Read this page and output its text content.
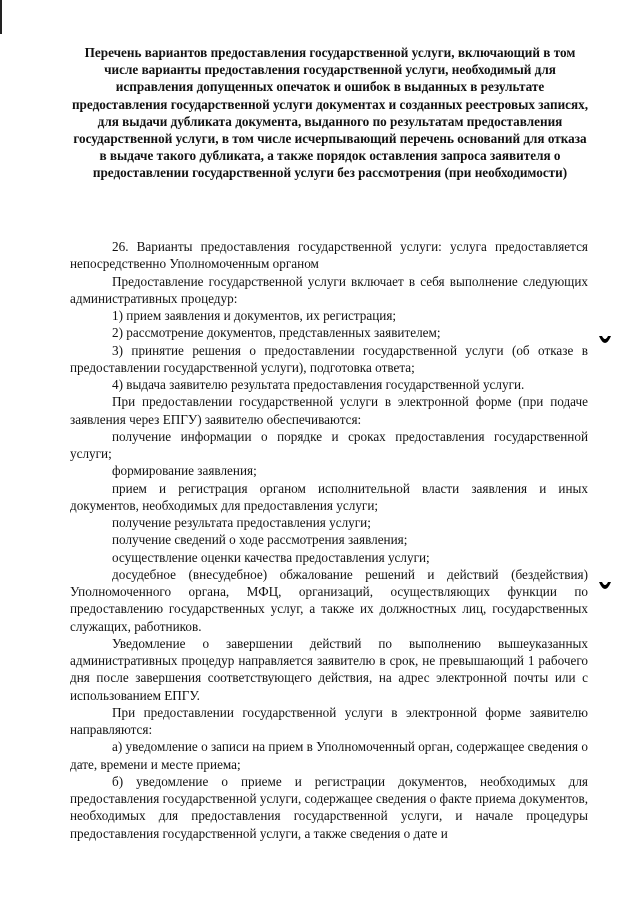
Перечень вариантов предоставления государственной услуги, включающий в том числе варианты предоставления государственной услуги, необходимый для исправления допущенных опечаток и ошибок в выданных в результате предоставления государственной услуги документах и созданных реестровых записях, для выдачи дубликата документа, выданного по результатам предоставления государственной услуги, в том числе исчерпывающий перечень оснований для отказа в выдаче такого дубликата, а также порядок оставления запроса заявителя о предоставлении государственной услуги без рассмотрения (при необходимости)

26. Варианты предоставления государственной услуги: услуга предоставляется непосредственно Уполномоченным органом

Предоставление государственной услуги включает в себя выполнение следующих административных процедур:

1) прием заявления и документов, их регистрация;

2) рассмотрение документов, представленных заявителем;

3) принятие решения о предоставлении государственной услуги (об отказе в предоставлении государственной услуги), подготовка ответа;

4) выдача заявителю результата предоставления государственной услуги.

При предоставлении государственной услуги в электронной форме (при подаче заявления через ЕПГУ) заявителю обеспечиваются:

получение информации о порядке и сроках предоставления государственной услуги;

формирование заявления;

прием и регистрация органом исполнительной власти заявления и иных документов, необходимых для предоставления услуги;

получение результата предоставления услуги;

получение сведений о ходе рассмотрения заявления;

осуществление оценки качества предоставления услуги;

досудебное (внесудебное) обжалование решений и действий (бездействия) Уполномоченного органа, МФЦ, организаций, осуществляющих функции по предоставлению государственных услуг, а также их должностных лиц, государственных служащих, работников.

Уведомление о завершении действий по выполнению вышеуказанных административных процедур направляется заявителю в срок, не превышающий 1 рабочего дня после завершения соответствующего действия, на адрес электронной почты или с использованием ЕПГУ.

При предоставлении государственной услуги в электронной форме заявителю направляются:

а) уведомление о записи на прием в Уполномоченный орган, содержащее сведения о дате, времени и месте приема;

б) уведомление о приеме и регистрации документов, необходимых для предоставления государственной услуги, содержащее сведения о факте приема документов, необходимых для предоставления государственной услуги, и начале процедуры предоставления государственной услуги, а также сведения о дате и
